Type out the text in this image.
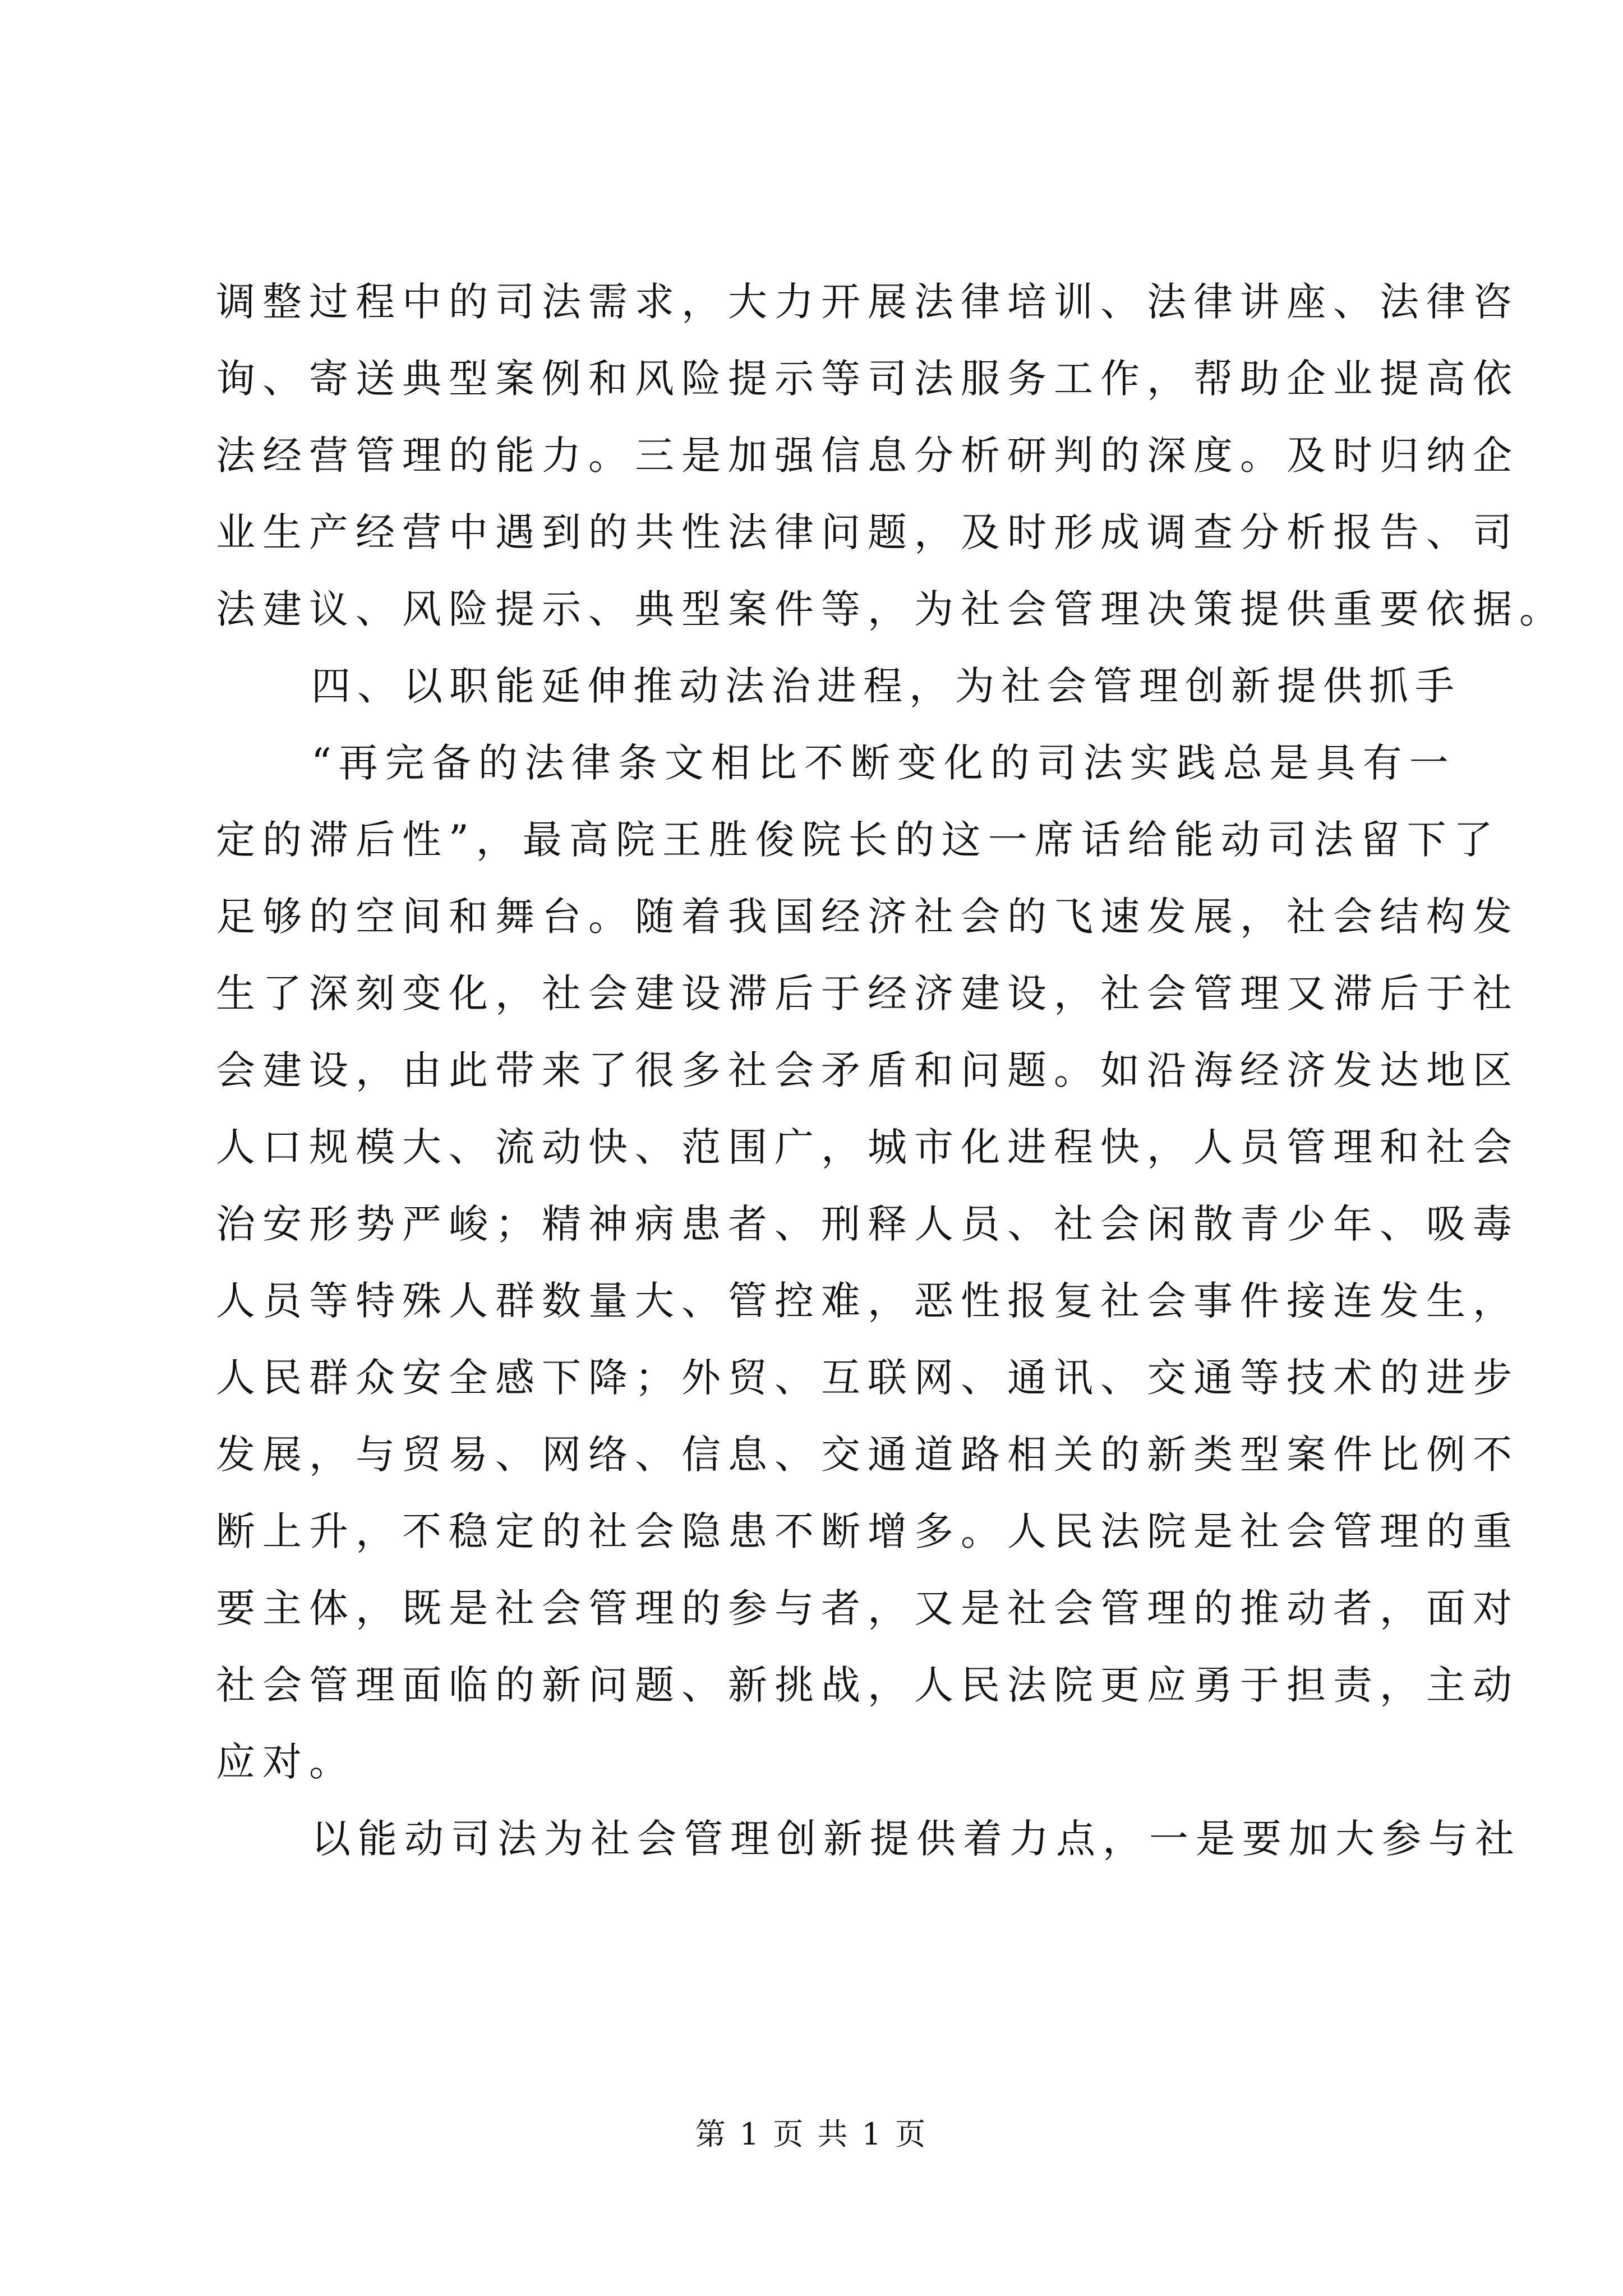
调整过程中的司法需求，大力开展法律培训、法律讲座、法律咨
询、寄送典型案例和风险提示等司法服务工作，帮助企业提高依
法经营管理的能力。三是加强信息分析研判的深度。及时归纳企
业生产经营中遇到的共性法律问题，及时形成调查分析报告、司
法建议、风险提示、典型案件等，为社会管理决策提供重要依据。
四、以职能延伸推动法治进程，为社会管理创新提供抓手
“再完备的法律条文相比不断变化的司法实践总是具有一
定的滞后性”，最高院王胜俊院长的这一席话给能动司法留下了
足够的空间和舞台。随着我国经济社会的飞速发展，社会结构发
生了深刻变化，社会建设滞后于经济建设，社会管理又滞后于社
会建设，由此带来了很多社会矛盾和问题。如沿海经济发达地区
人口规模大、流动快、范围广，城市化进程快，人员管理和社会
治安形势严峻；精神病患者、刑释人员、社会闲散青少年、吸毒
人员等特殊人群数量大、管控难，恶性报复社会事件接连发生，
人民群众安全感下降；外贸、互联网、通讯、交通等技术的进步
发展，与贸易、网络、信息、交通道路相关的新类型案件比例不
断上升，不稳定的社会隐患不断增多。人民法院是社会管理的重
要主体，既是社会管理的参与者，又是社会管理的推动者，面对
社会管理面临的新问题、新挑战，人民法院更应勇于担责，主动
应对。
以能动司法为社会管理创新提供着力点，一是要加大参与社
第 1 页 共 1 页
